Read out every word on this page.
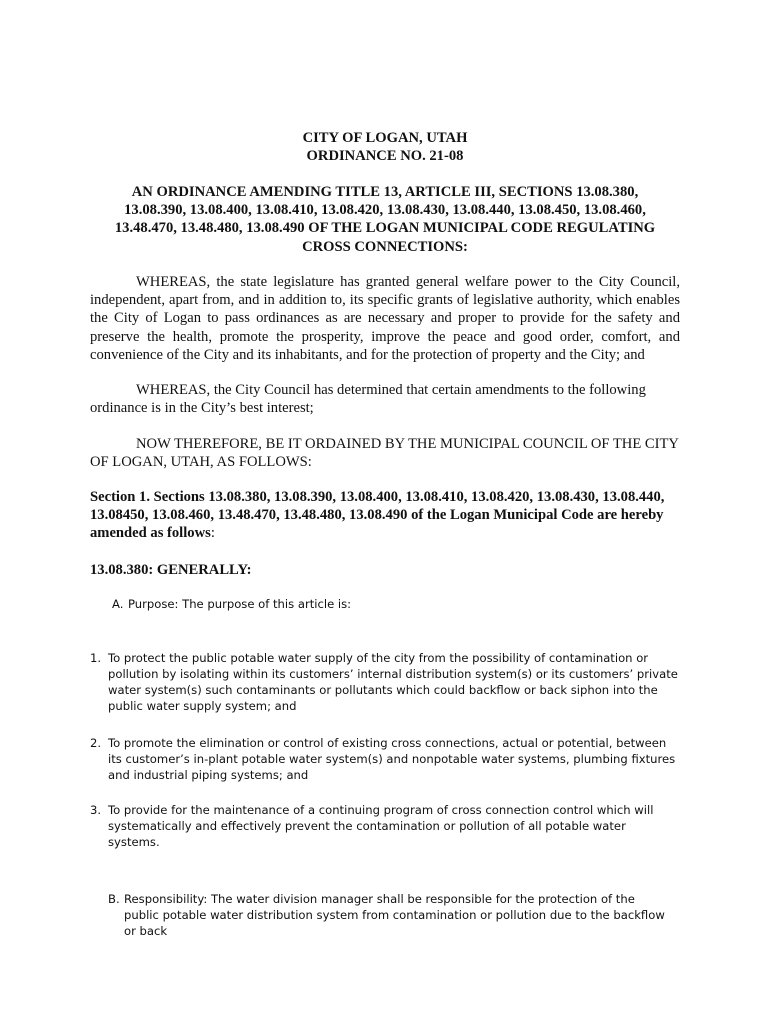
CITY OF LOGAN, UTAH
ORDINANCE NO. 21-08
AN ORDINANCE AMENDING TITLE 13, ARTICLE III, SECTIONS 13.08.380,
13.08.390, 13.08.400, 13.08.410, 13.08.420, 13.08.430, 13.08.440, 13.08.450, 13.08.460,
13.48.470, 13.48.480, 13.08.490 OF THE LOGAN MUNICIPAL CODE REGULATING
CROSS CONNECTIONS:
WHEREAS, the state legislature has granted general welfare power to the City Council, independent, apart from, and in addition to, its specific grants of legislative authority, which enables the City of Logan to pass ordinances as are necessary and proper to provide for the safety and preserve the health, promote the prosperity, improve the peace and good order, comfort, and convenience of the City and its inhabitants, and for the protection of property and the City; and
WHEREAS, the City Council has determined that certain amendments to the following ordinance is in the City’s best interest;
NOW THEREFORE, BE IT ORDAINED BY THE MUNICIPAL COUNCIL OF THE CITY OF LOGAN, UTAH, AS FOLLOWS:
Section 1. Sections 13.08.380, 13.08.390, 13.08.400, 13.08.410, 13.08.420, 13.08.430, 13.08.440, 13.08450, 13.08.460, 13.48.470, 13.48.480, 13.08.490 of the Logan Municipal Code are hereby amended as follows:
13.08.380: GENERALLY:
A. Purpose: The purpose of this article is:
1. To protect the public potable water supply of the city from the possibility of contamination or pollution by isolating within its customers’ internal distribution system(s) or its customers’ private water system(s) such contaminants or pollutants which could backflow or back siphon into the public water supply system; and
2. To promote the elimination or control of existing cross connections, actual or potential, between its customer’s in-plant potable water system(s) and nonpotable water systems, plumbing fixtures and industrial piping systems; and
3. To provide for the maintenance of a continuing program of cross connection control which will systematically and effectively prevent the contamination or pollution of all potable water systems.
B. Responsibility: The water division manager shall be responsible for the protection of the public potable water distribution system from contamination or pollution due to the backflow or back
